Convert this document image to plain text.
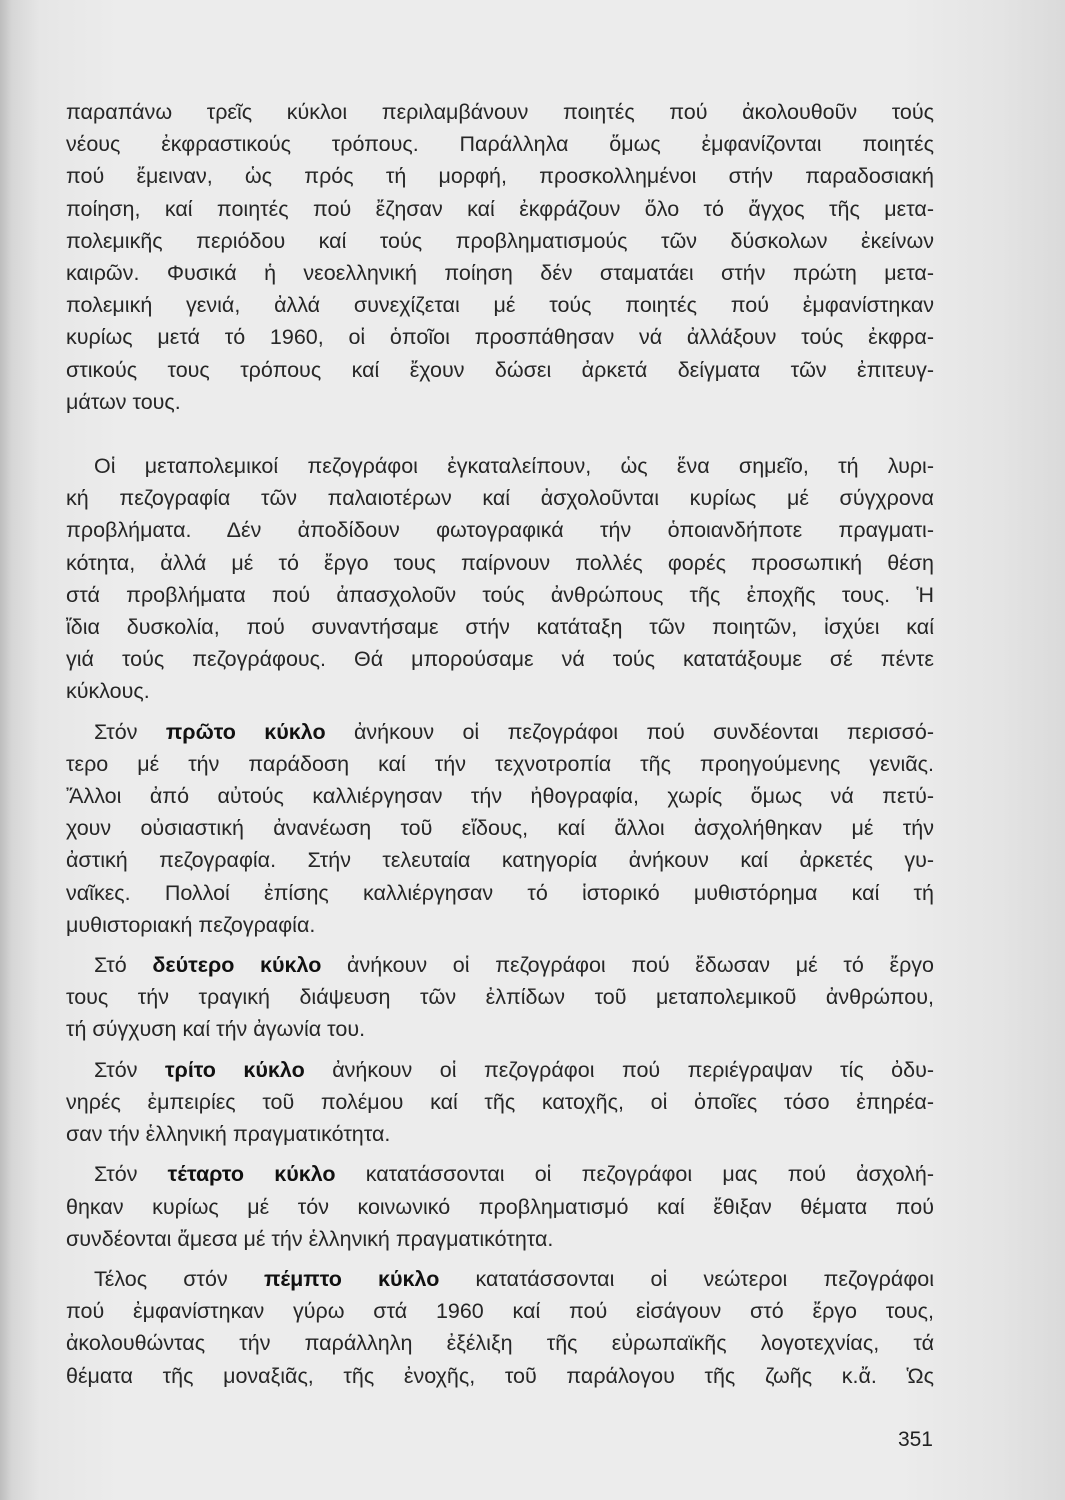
παραπάνω τρεῖς κύκλοι περιλαμβάνουν ποιητές πού ἀκολουθοῦν τούς
νέους ἐκφραστικούς τρόπους. Παράλληλα ὅμως ἐμφανίζονται ποιητές
πού ἔμειναν, ὡς πρός τή μορφή, προσκολλημένοι στήν παραδοσιακή
ποίηση, καί ποιητές πού ἔζησαν καί ἐκφράζουν ὅλο τό ἄγχος τῆς μετα-
πολεμικῆς περιόδου καί τούς προβληματισμούς τῶν δύσκολων ἐκείνων
καιρῶν. Φυσικά ἡ νεοελληνική ποίηση δέν σταματάει στήν πρώτη μετα-
πολεμική γενιά, ἀλλά συνεχίζεται μέ τούς ποιητές πού ἐμφανίστηκαν
κυρίως μετά τό 1960, οἱ ὁποῖοι προσπάθησαν νά ἀλλάξουν τούς ἐκφρα-
στικούς τους τρόπους καί ἔχουν δώσει ἀρκετά δείγματα τῶν ἐπιτευγ-
μάτων τους.
Οἱ μεταπολεμικοί πεζογράφοι ἐγκαταλείπουν, ὡς ἕνα σημεῖο, τή λυρι-
κή πεζογραφία τῶν παλαιοτέρων καί ἀσχολοῦνται κυρίως μέ σύγχρονα
προβλήματα. Δέν ἀποδίδουν φωτογραφικά τήν ὁποιανδήποτε πραγματι-
κότητα, ἀλλά μέ τό ἔργο τους παίρνουν πολλές φορές προσωπική θέση
στά προβλήματα πού ἀπασχολοῦν τούς ἀνθρώπους τῆς ἐποχῆς τους. Ἡ
ἴδια δυσκολία, πού συναντήσαμε στήν κατάταξη τῶν ποιητῶν, ἰσχύει καί
γιά τούς πεζογράφους. Θά μπορούσαμε νά τούς κατατάξουμε σέ πέντε
κύκλους.
Στόν πρῶτο κύκλο ἀνήκουν οἱ πεζογράφοι πού συνδέονται περισσό-
τερο μέ τήν παράδοση καί τήν τεχνοτροπία τῆς προηγούμενης γενιᾶς.
Ἄλλοι ἀπό αὐτούς καλλιέργησαν τήν ἠθογραφία, χωρίς ὅμως νά πετύ-
χουν οὐσιαστική ἀνανέωση τοῦ εἴδους, καί ἄλλοι ἀσχολήθηκαν μέ τήν
ἀστική πεζογραφία. Στήν τελευταία κατηγορία ἀνήκουν καί ἀρκετές γυ-
ναῖκες. Πολλοί ἐπίσης καλλιέργησαν τό ἱστορικό μυθιστόρημα καί τή
μυθιστοριακή πεζογραφία.
Στό δεύτερο κύκλο ἀνήκουν οἱ πεζογράφοι πού ἔδωσαν μέ τό ἔργο
τους τήν τραγική διάψευση τῶν ἐλπίδων τοῦ μεταπολεμικοῦ ἀνθρώπου,
τή σύγχυση καί τήν ἀγωνία του.
Στόν τρίτο κύκλο ἀνήκουν οἱ πεζογράφοι πού περιέγραψαν τίς ὀδυ-
νηρές ἐμπειρίες τοῦ πολέμου καί τῆς κατοχῆς, οἱ ὁποῖες τόσο ἐπηρέα-
σαν τήν ἑλληνική πραγματικότητα.
Στόν τέταρτο κύκλο κατατάσσονται οἱ πεζογράφοι μας πού ἀσχολή-
θηκαν κυρίως μέ τόν κοινωνικό προβληματισμό καί ἔθιξαν θέματα πού
συνδέονται ἄμεσα μέ τήν ἑλληνική πραγματικότητα.
Τέλος στόν πέμπτο κύκλο κατατάσσονται οἱ νεώτεροι πεζογράφοι
πού ἐμφανίστηκαν γύρω στά 1960 καί πού εἰσάγουν στό ἔργο τους,
ἀκολουθώντας τήν παράλληλη ἐξέλιξη τῆς εὐρωπαϊκῆς λογοτεχνίας, τά
θέματα τῆς μοναξιᾶς, τῆς ἐνοχῆς, τοῦ παράλογου τῆς ζωῆς κ.ἄ. Ὡς
351
